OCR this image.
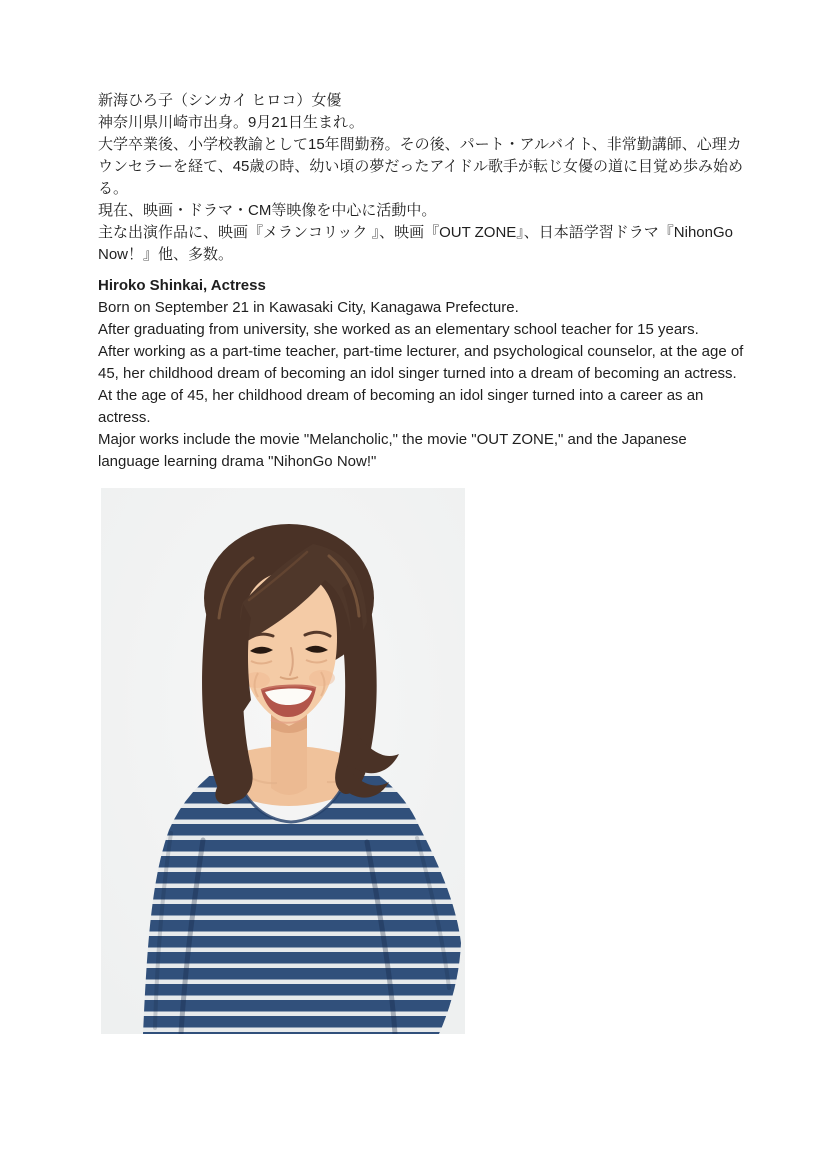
新海ひろ子（シンカイ ヒロコ）女優

神奈川県川崎市出身。9月21日生まれ。

大学卒業後、小学校教諭として15年間勤務。その後、パート・アルバイト、非常勤講師、心理カウンセラーを経て、45歳の時、幼い頃の夢だったアイドル歌手が転じ女優の道に目覚め歩み始める。

現在、映画・ドラマ・CM等映像を中心に活動中。

主な出演作品に、映画『メランコリック 』、映画『OUT ZONE』、日本語学習ドラマ『NihonGo Now！』他、多数。

Hiroko Shinkai, Actress

Born on September 21 in Kawasaki City, Kanagawa Prefecture.

After graduating from university, she worked as an elementary school teacher for 15 years.

After working as a part-time teacher, part-time lecturer, and psychological counselor, at the age of 45, her childhood dream of becoming an idol singer turned into a dream of becoming an actress.

At the age of 45, her childhood dream of becoming an idol singer turned into a career as an actress.

Major works include the movie "Melancholic," the movie "OUT ZONE," and the Japanese language learning drama "NihonGo Now!"
